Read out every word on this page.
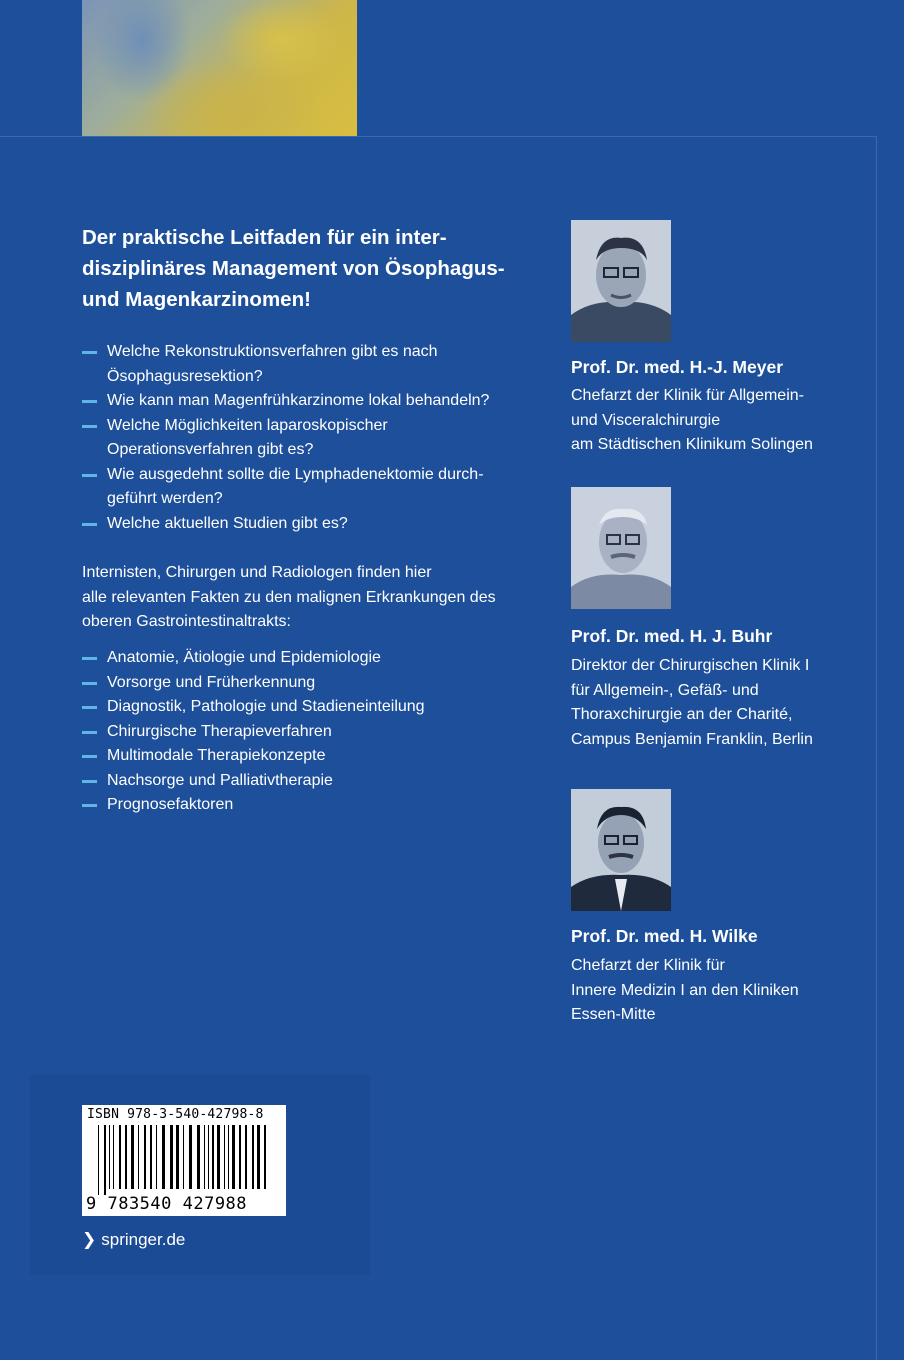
Der praktische Leitfaden für ein inter-
disziplinäres Management von Ösophagus-
und Magenkarzinomen!

Welche Rekonstruktionsverfahren gibt es nach
Ösophagusresektion?
Wie kann man Magenfrühkarzinome lokal behandeln?
Welche Möglichkeiten laparoskopischer
Operationsverfahren gibt es?
Wie ausgedehnt sollte die Lymphadenektomie durch-
geführt werden?
Welche aktuellen Studien gibt es?

Internisten, Chirurgen und Radiologen finden hier
alle relevanten Fakten zu den malignen Erkrankungen des
oberen Gastrointestinaltrakts:

Anatomie, Ätiologie und Epidemiologie
Vorsorge und Früherkennung
Diagnostik, Pathologie und Stadieneinteilung
Chirurgische Therapieverfahren
Multimodale Therapiekonzepte
Nachsorge und Palliativtherapie
Prognosefaktoren

Prof. Dr. med. H.-J. Meyer

Chefarzt der Klinik für Allgemein-
und Visceralchirurgie
am Städtischen Klinikum Solingen

Prof. Dr. med. H. J. Buhr

Direktor der Chirurgischen Klinik I
für Allgemein-, Gefäß- und
Thoraxchirurgie an der Charité,
Campus Benjamin Franklin, Berlin

Prof. Dr. med. H. Wilke

Chefarzt der Klinik für
Innere Medizin I an den Kliniken
Essen-Mitte

ISBN 978-3-540-42798-8
9 783540 427988

❯ springer.de
